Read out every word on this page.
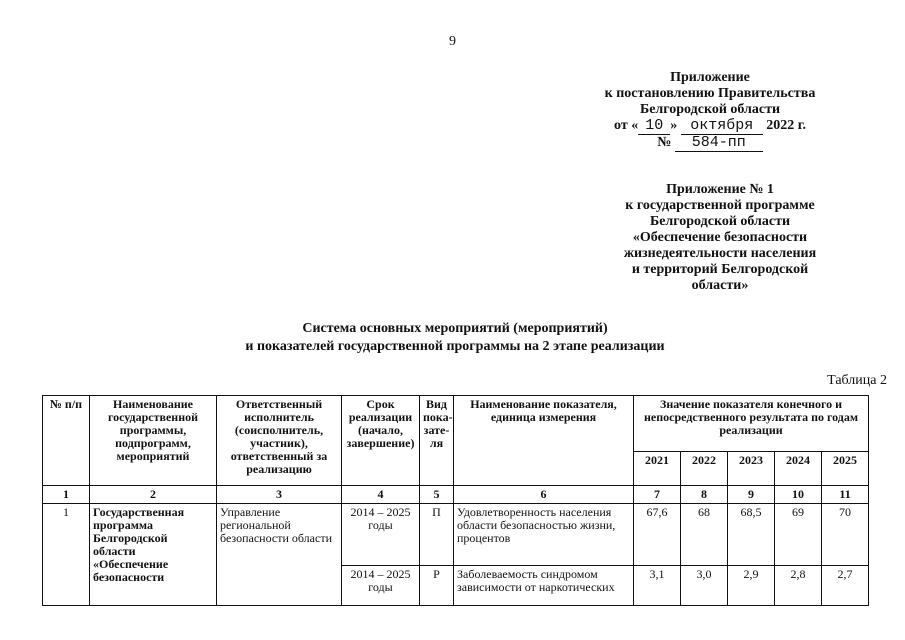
9
Приложение
к постановлению Правительства
Белгородской области
от « 10 » октября 2022 г.
№ 584-пп
Приложение № 1
к государственной программе
Белгородской области
«Обеспечение безопасности
жизнедеятельности населения
и территорий Белгородской
области»
Система основных мероприятий (мероприятий)
и показателей государственной программы на 2 этапе реализации
Таблица 2
№ п/п	Наименование государственной программы, подпрограмм, мероприятий	Ответственный исполнитель (соисполнитель, участник), ответственный за реализацию	Срок реализации (начало, завершение)	Вид пока-зате-ля	Наименование показателя, единица измерения	Значение показателя конечного и непосредственного результата по годам реализации				
						2021	2022	2023	2024	2025
1	2	3	4	5	6	7	8	9	10	11
1	Государственная программа Белгородской области «Обеспечение безопасности	Управление региональной безопасности области	2014 – 2025 годы	П	Удовлетворенность населения области безопасностью жизни, процентов	67,6	68	68,5	69	70
			2014 – 2025 годы	Р	Заболеваемость синдромом зависимости от наркотических	3,1	3,0	2,9	2,8	2,7
